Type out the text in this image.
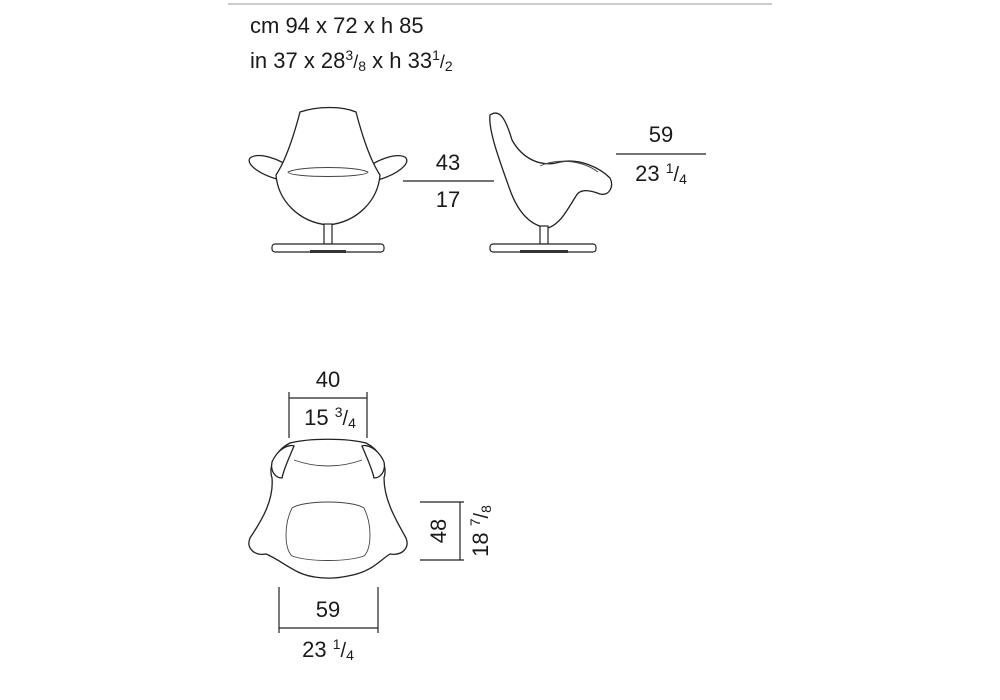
cm 94 x 72 x h 85
in 37 x $28^3_/8$ x h $33^1_/2$
43
17
59
23 $^1$/4
40
15 $^3$/4
48 18 $^7$/8
59
23 $^1$/4
